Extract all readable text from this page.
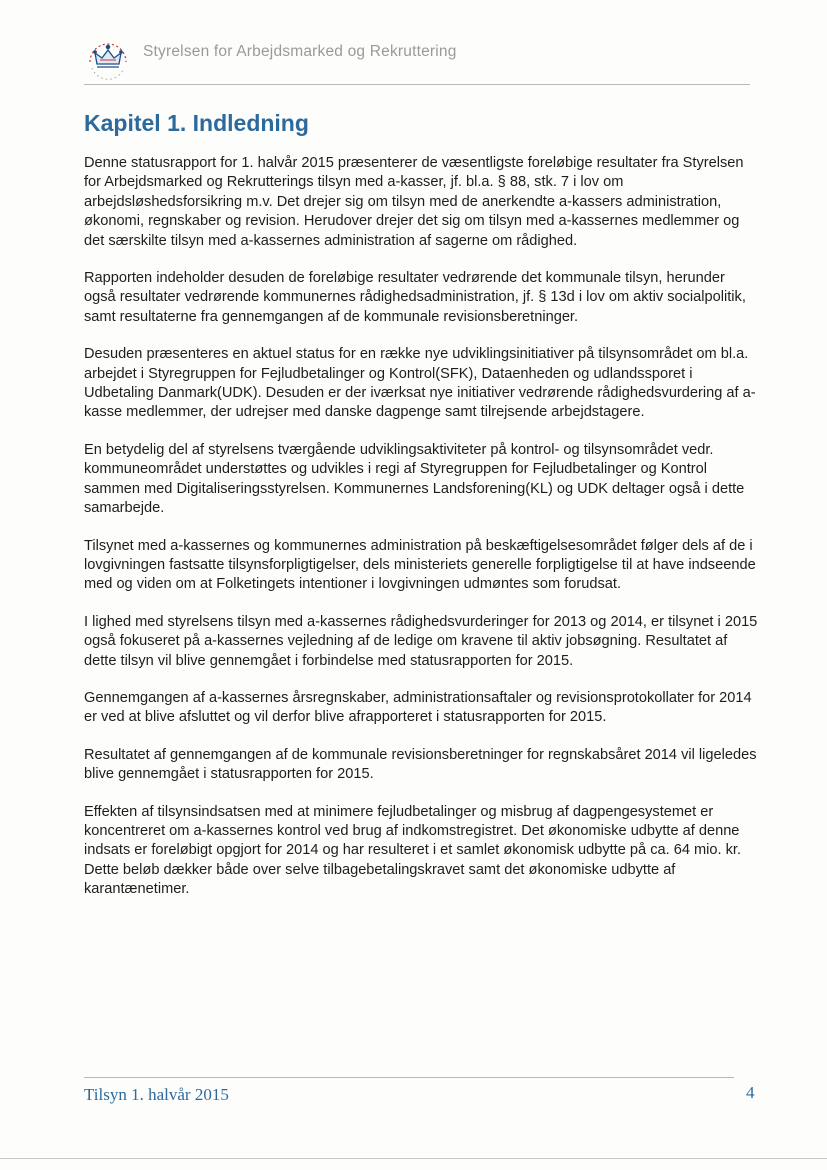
Styrelsen for Arbejdsmarked og Rekruttering
Kapitel 1. Indledning

Denne statusrapport for 1. halvår 2015 præsenterer de væsentligste foreløbige resultater fra Styrelsen for Arbejdsmarked og Rekrutterings tilsyn med a-kasser, jf. bl.a. § 88, stk. 7 i lov om arbejdsløshedsforsikring m.v. Det drejer sig om tilsyn med de anerkendte a-kassers administration, økonomi, regnskaber og revision. Herudover drejer det sig om tilsyn med a-kassernes medlemmer og det særskilte tilsyn med a-kassernes administration af sagerne om rådighed.

Rapporten indeholder desuden de foreløbige resultater vedrørende det kommunale tilsyn, herunder også resultater vedrørende kommunernes rådighedsadministration, jf. § 13d i lov om aktiv socialpolitik, samt resultaterne fra gennemgangen af de kommunale revisionsberetninger.

Desuden præsenteres en aktuel status for en række nye udviklingsinitiativer på tilsynsområdet om bl.a. arbejdet i Styregruppen for Fejludbetalinger og Kontrol(SFK), Dataenheden og udlandssporet i Udbetaling Danmark(UDK). Desuden er der iværksat nye initiativer vedrørende rådighedsvurdering af a-kasse medlemmer, der udrejser med danske dagpenge samt tilrejsende arbejdstagere.

En betydelig del af styrelsens tværgående udviklingsaktiviteter på kontrol- og tilsynsområdet vedr. kommuneområdet understøttes og udvikles i regi af Styregruppen for Fejludbetalinger og Kontrol sammen med Digitaliseringsstyrelsen. Kommunernes Landsforening(KL) og UDK deltager også i dette samarbejde.

Tilsynet med a-kassernes og kommunernes administration på beskæftigelsesområdet følger dels af de i lovgivningen fastsatte tilsynsforpligtigelser, dels ministeriets generelle forpligtigelse til at have indseende med og viden om at Folketingets intentioner i lovgivningen udmøntes som forudsat.

I lighed med styrelsens tilsyn med a-kassernes rådighedsvurderinger for 2013 og 2014, er tilsynet i 2015 også fokuseret på a-kassernes vejledning af de ledige om kravene til aktiv jobsøgning. Resultatet af dette tilsyn vil blive gennemgået i forbindelse med statusrapporten for 2015.

Gennemgangen af a-kassernes årsregnskaber, administrationsaftaler og revisionsprotokollater for 2014 er ved at blive afsluttet og vil derfor blive afrapporteret i statusrapporten for 2015.

Resultatet af gennemgangen af de kommunale revisionsberetninger for regnskabsåret 2014 vil ligeledes blive gennemgået i statusrapporten for 2015.

Effekten af tilsynsindsatsen med at minimere fejludbetalinger og misbrug af dagpengesystemet er koncentreret om a-kassernes kontrol ved brug af indkomstregistret. Det økonomiske udbytte af denne indsats er foreløbigt opgjort for 2014 og har resulteret i et samlet økonomisk udbytte på ca. 64 mio. kr. Dette beløb dækker både over selve tilbagebetalingskravet samt det økonomiske udbytte af karantænetimer.

Tilsyn 1. halvår 2015	4
